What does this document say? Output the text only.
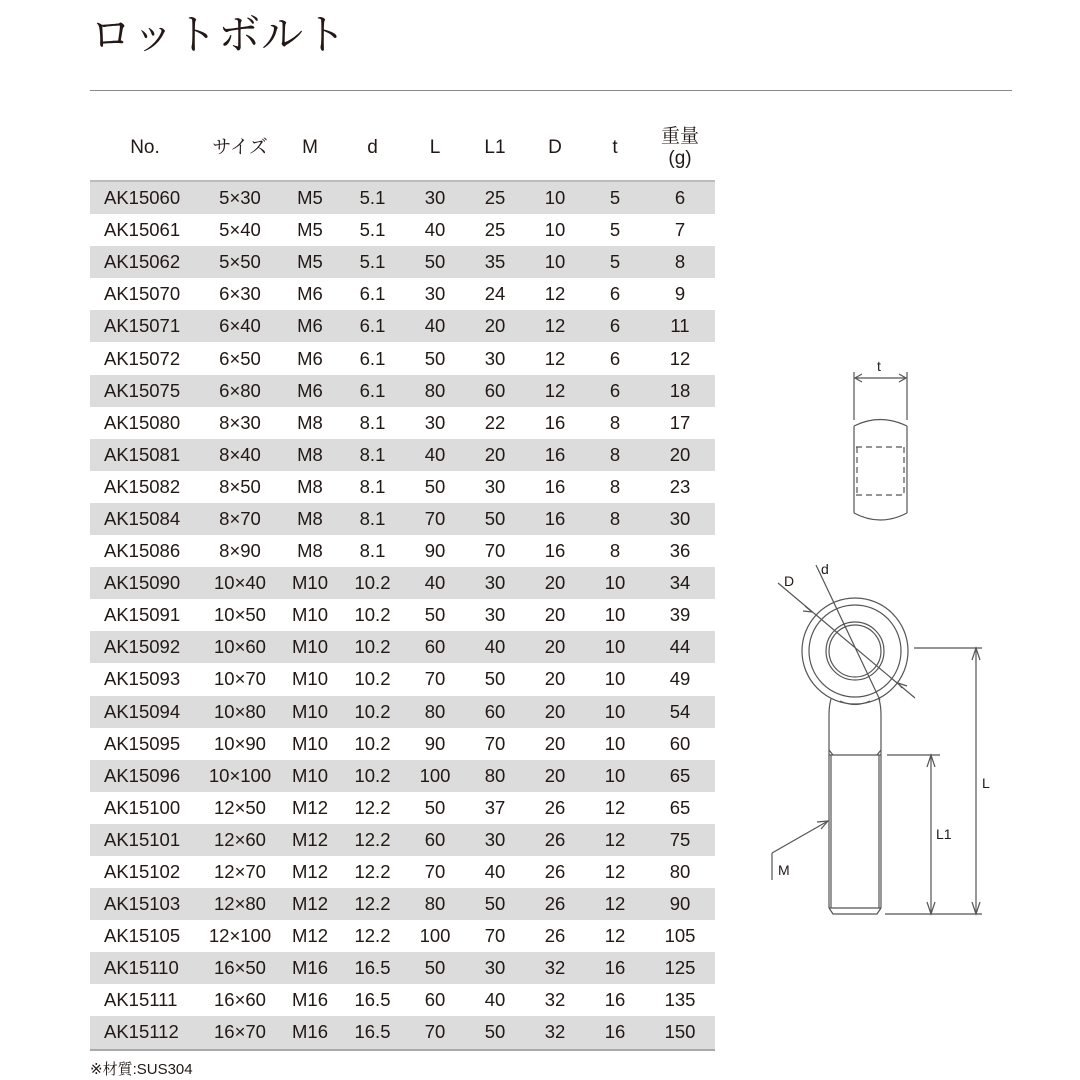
ロットボルト
No.	サイズ	M	d	L	L1	D	t	重量
(g)

AK15060	5×30	M5	5.1	30	25	10	5	6
AK15061	5×40	M5	5.1	40	25	10	5	7
AK15062	5×50	M5	5.1	50	35	10	5	8
AK15070	6×30	M6	6.1	30	24	12	6	9
AK15071	6×40	M6	6.1	40	20	12	6	11
AK15072	6×50	M6	6.1	50	30	12	6	12
AK15075	6×80	M6	6.1	80	60	12	6	18
AK15080	8×30	M8	8.1	30	22	16	8	17
AK15081	8×40	M8	8.1	40	20	16	8	20
AK15082	8×50	M8	8.1	50	30	16	8	23
AK15084	8×70	M8	8.1	70	50	16	8	30
AK15086	8×90	M8	8.1	90	70	16	8	36
AK15090	10×40	M10	10.2	40	30	20	10	34
AK15091	10×50	M10	10.2	50	30	20	10	39
AK15092	10×60	M10	10.2	60	40	20	10	44
AK15093	10×70	M10	10.2	70	50	20	10	49
AK15094	10×80	M10	10.2	80	60	20	10	54
AK15095	10×90	M10	10.2	90	70	20	10	60
AK15096	10×100	M10	10.2	100	80	20	10	65
AK15100	12×50	M12	12.2	50	37	26	12	65
AK15101	12×60	M12	12.2	60	30	26	12	75
AK15102	12×70	M12	12.2	70	40	26	12	80
AK15103	12×80	M12	12.2	80	50	26	12	90
AK15105	12×100	M12	12.2	100	70	26	12	105
AK15110	16×50	M16	16.5	50	30	32	16	125
AK15111	16×60	M16	16.5	60	40	32	16	135
AK15112	16×70	M16	16.5	70	50	32	16	150
※材質:SUS304
t
D
d
L
L1
M
